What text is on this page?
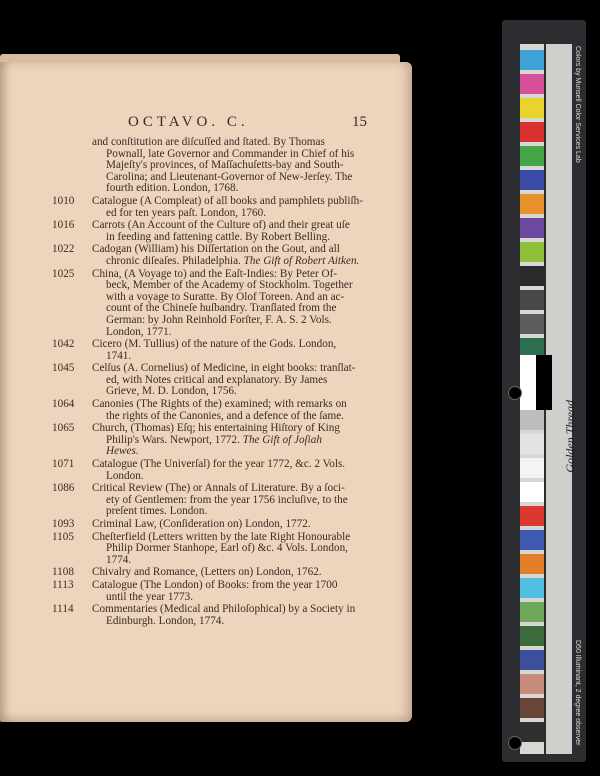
OCTAVO. C.	15
and conſtitution are diſcuſſed and ſtated. By Thomas
Pownall, late Governor and Commander in Chief of his
Majeſty's provinces, of Maſſachuſetts-bay and South-
Carolina; and Lieutenant-Governor of New-Jerſey. The
fourth edition. London, 1768.
1010	Catalogue (A Compleat) of all books and pamphlets publiſh-
ed for ten years paſt. London, 1760.
1016	Carrots (An Account of the Culture of) and their great uſe
in feeding and fattening cattle. By Robert Belling.
1022	Cadogan (William) his Diſſertation on the Gout, and all
chronic diſeaſes. Philadelphia. The Gift of Robert Aitken.
1025	China, (A Voyage to) and the Eaſt-Indies: By Peter Of-
beck, Member of the Academy of Stockholm. Together
with a voyage to Suratte. By Olof Toreen. And an ac-
count of the Chineſe huſbandry. Tranſlated from the
German: by John Reinhold Forſter, F. A. S. 2 Vols.
London, 1771.
1042	Cicero (M. Tullius) of the nature of the Gods. London,
1741.
1045	Celſus (A. Cornelius) of Medicine, in eight books: tranſlat-
ed, with Notes critical and explanatory. By James
Grieve, M. D. London, 1756.
1064	Canonies (The Rights of the) examined; with remarks on
the rights of the Canonies, and a defence of the ſame.
1065	Church, (Thomas) Eſq; his entertaining Hiſtory of King
Philip's Wars. Newport, 1772. The Gift of Joſiah
Hewes.
1071	Catalogue (The Univerſal) for the year 1772, &c. 2 Vols.
London.
1086	Critical Review (The) or Annals of Literature. By a ſoci-
ety of Gentlemen: from the year 1756 incluſive, to the
preſent times. London.
1093	Criminal Law, (Conſideration on) London, 1772.
1105	Cheſterfield (Letters written by the late Right Honourable
Philip Dormer Stanhope, Earl of) &c. 4 Vols. London,
1774.
1108	Chivalry and Romance, (Letters on) London, 1762.
1113	Catalogue (The London) of Books: from the year 1700
until the year 1773.
1114	Commentaries (Medical and Philoſophical) by a Society in
Edinburgh. London, 1774.
Colors by Munsell Color Services Lab
D50 Illuminant, 2 degree observer
Golden Thread
